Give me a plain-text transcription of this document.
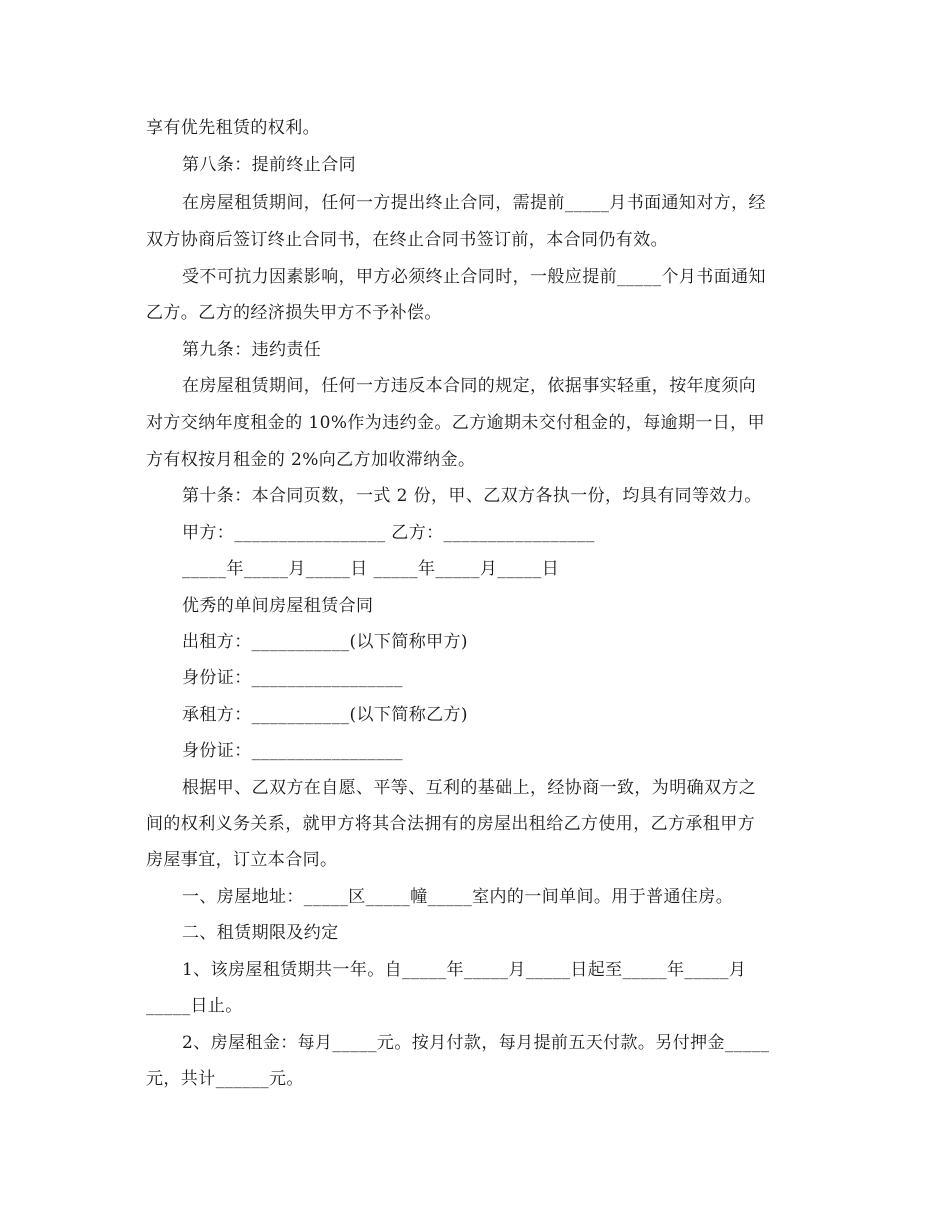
享有优先租赁的权利。
第八条：提前终止合同
在房屋租赁期间，任何一方提出终止合同，需提前_____月书面通知对方，经
双方协商后签订终止合同书，在终止合同书签订前，本合同仍有效。
受不可抗力因素影响，甲方必须终止合同时，一般应提前_____个月书面通知
乙方。乙方的经济损失甲方不予补偿。
第九条：违约责任
在房屋租赁期间，任何一方违反本合同的规定，依据事实轻重，按年度须向
对方交纳年度租金的 10%作为违约金。乙方逾期未交付租金的，每逾期一日，甲
方有权按月租金的 2%向乙方加收滞纳金。
第十条：本合同页数，一式 2 份，甲、乙双方各执一份，均具有同等效力。
甲方：_________________ 乙方：_________________
_____年_____月_____日 _____年_____月_____日
优秀的单间房屋租赁合同
出租方：___________(以下简称甲方)
身份证：_________________
承租方：___________(以下简称乙方)
身份证：_________________
根据甲、乙双方在自愿、平等、互利的基础上，经协商一致，为明确双方之
间的权利义务关系，就甲方将其合法拥有的房屋出租给乙方使用，乙方承租甲方
房屋事宜，订立本合同。
一、房屋地址：_____区_____幢_____室内的一间单间。用于普通住房。
二、租赁期限及约定
1、该房屋租赁期共一年。自_____年_____月_____日起至_____年_____月
_____日止。
2、房屋租金：每月_____元。按月付款，每月提前五天付款。另付押金_____
元，共计______元。
